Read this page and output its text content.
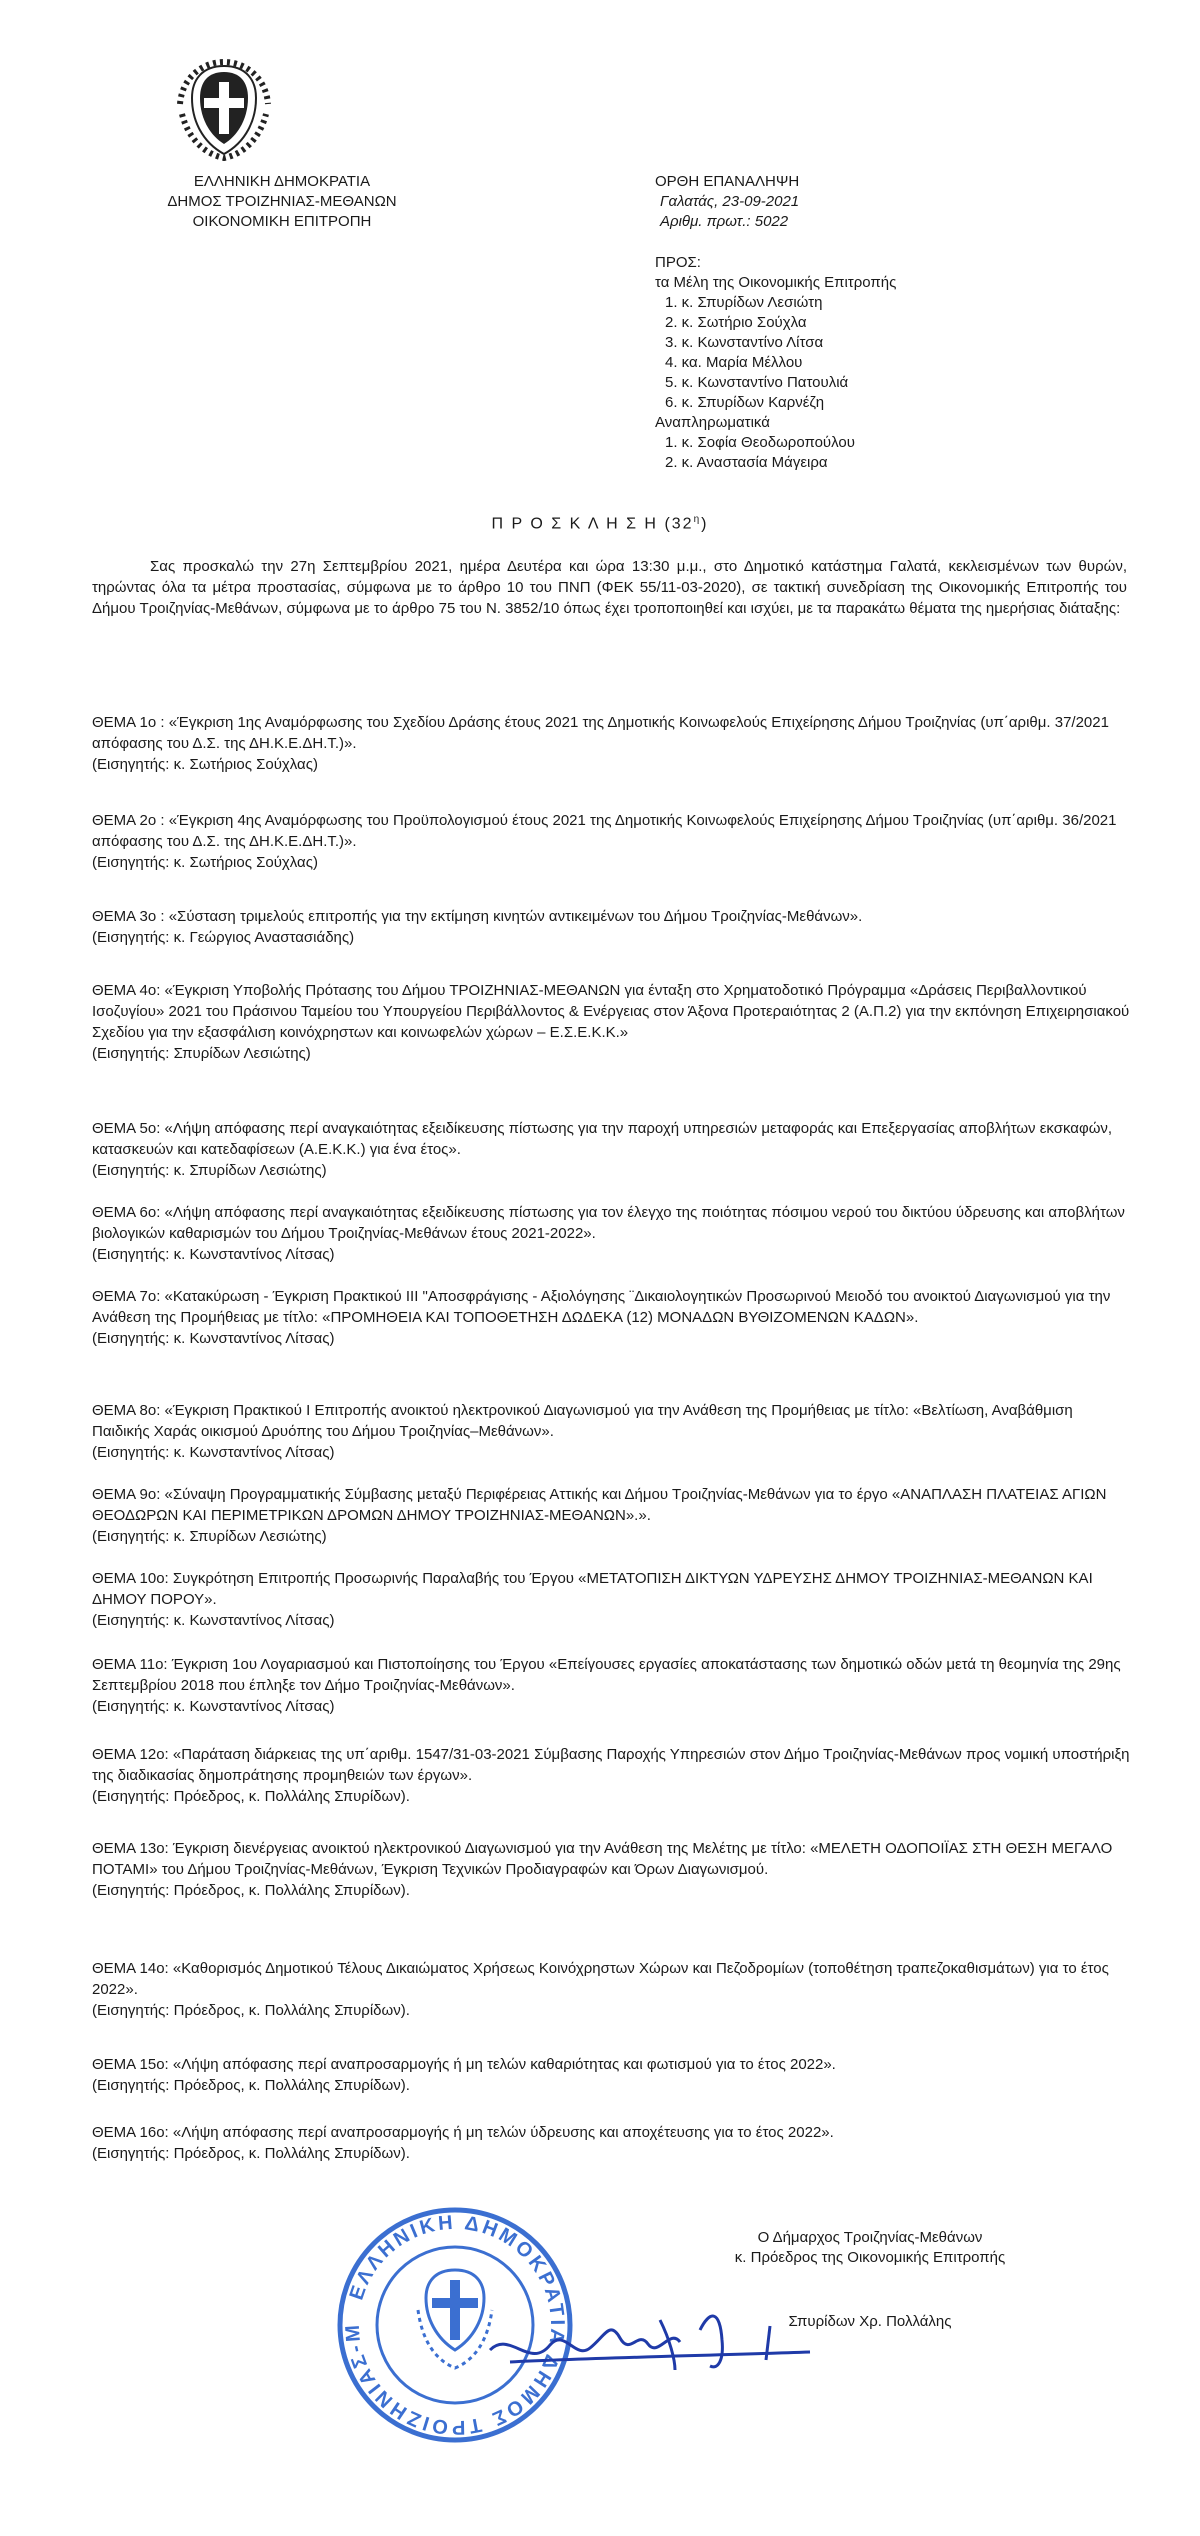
ΕΛΛΗΝΙΚΗ ΔΗΜΟΚΡΑΤΙΑ
ΔΗΜΟΣ ΤΡΟΙΖΗΝΙΑΣ-ΜΕΘΑΝΩΝ
ΟΙΚΟΝΟΜΙΚΗ ΕΠΙΤΡΟΠΗ
ΟΡΘΗ ΕΠΑΝΑΛΗΨΗ
Γαλατάς, 23-09-2021
Αριθμ. πρωτ.: 5022
ΠΡΟΣ:
τα Μέλη της Οικονομικής Επιτροπής
1. κ. Σπυρίδων Λεσιώτη
2. κ. Σωτήριο Σούχλα
3. κ. Κωνσταντίνο Λίτσα
4. κα. Μαρία Μέλλου
5. κ. Κωνσταντίνο Πατουλιά
6. κ. Σπυρίδων Καρνέζη
Αναπληρωματικά
1. κ. Σοφία Θεοδωροπούλου
2. κ. Αναστασία Μάγειρα
Π Ρ Ο Σ Κ Λ Η Σ Η $(32^\eta)$

Σας προσκαλώ την 27η Σεπτεμβρίου 2021, ημέρα Δευτέρα και ώρα 13:30 μ.μ., στο Δημοτικό κατάστημα Γαλατά, κεκλεισμένων των θυρών, τηρώντας όλα τα μέτρα προστασίας, σύμφωνα με το άρθρο 10 του ΠΝΠ (ΦΕΚ 55/11-03-2020), σε τακτική συνεδρίαση της Οικονομικής Επιτροπής του Δήμου Τροιζηνίας-Μεθάνων, σύμφωνα με το άρθρο 75 του Ν. 3852/10 όπως έχει τροποποιηθεί και ισχύει, με τα παρακάτω θέματα της ημερήσιας διάταξης:

ΘΕΜΑ 1ο : «Έγκριση 1ης Αναμόρφωσης του Σχεδίου Δράσης έτους 2021 της Δημοτικής Κοινωφελούς Επιχείρησης Δήμου Τροιζηνίας (υπ΄αριθμ. 37/2021 απόφασης του Δ.Σ. της ΔΗ.Κ.Ε.ΔΗ.Τ.)».
(Εισηγητής: κ. Σωτήριος Σούχλας)
ΘΕΜΑ 2ο : «Έγκριση 4ης Αναμόρφωσης του Προϋπολογισμού έτους 2021 της Δημοτικής Κοινωφελούς Επιχείρησης Δήμου Τροιζηνίας (υπ΄αριθμ. 36/2021 απόφασης του Δ.Σ. της ΔΗ.Κ.Ε.ΔΗ.Τ.)».
(Εισηγητής: κ. Σωτήριος Σούχλας)
ΘΕΜΑ 3ο : «Σύσταση τριμελούς επιτροπής για την εκτίμηση κινητών αντικειμένων του Δήμου Τροιζηνίας-Μεθάνων».
(Εισηγητής: κ. Γεώργιος Αναστασιάδης)
ΘΕΜΑ 4ο: «Έγκριση Υποβολής Πρότασης του Δήμου ΤΡΟΙΖΗΝΙΑΣ-ΜΕΘΑΝΩΝ για ένταξη στο Χρηματοδοτικό Πρόγραμμα «Δράσεις Περιβαλλοντικού Ισοζυγίου» 2021 του Πράσινου Ταμείου του Υπουργείου Περιβάλλοντος & Ενέργειας στον Άξονα Προτεραιότητας 2 (Α.Π.2) για την εκπόνηση Επιχειρησιακού Σχεδίου για την εξασφάλιση κοινόχρηστων και κοινωφελών χώρων – Ε.Σ.Ε.Κ.Κ.»
(Εισηγητής: Σπυρίδων Λεσιώτης)
ΘΕΜΑ 5ο: «Λήψη απόφασης περί αναγκαιότητας εξειδίκευσης πίστωσης για την παροχή υπηρεσιών μεταφοράς και Επεξεργασίας αποβλήτων εκσκαφών, κατασκευών και κατεδαφίσεων (Α.Ε.Κ.Κ.) για ένα έτος».
(Εισηγητής: κ. Σπυρίδων Λεσιώτης)
ΘΕΜΑ 6ο: «Λήψη απόφασης περί αναγκαιότητας εξειδίκευσης πίστωσης για τον έλεγχο της ποιότητας πόσιμου νερού του δικτύου ύδρευσης και αποβλήτων βιολογικών καθαρισμών του Δήμου Τροιζηνίας-Μεθάνων έτους 2021-2022».
(Εισηγητής: κ. Κωνσταντίνος Λίτσας)
ΘΕΜΑ 7ο: «Κατακύρωση - Έγκριση Πρακτικού ΙΙΙ "Αποσφράγισης - Αξιολόγησης ¨Δικαιολογητικών Προσωρινού Μειοδό του ανοικτού Διαγωνισμού για την Ανάθεση της Προμήθειας με τίτλο: «ΠΡΟΜΗΘΕΙΑ ΚΑΙ ΤΟΠΟΘΕΤΗΣΗ ΔΩΔΕΚΑ (12) ΜΟΝΑΔΩΝ ΒΥΘΙΖΟΜΕΝΩΝ ΚΑΔΩΝ».
(Εισηγητής: κ. Κωνσταντίνος Λίτσας)
ΘΕΜΑ 8ο: «Έγκριση Πρακτικού Ι Επιτροπής ανοικτού ηλεκτρονικού Διαγωνισμού για την Ανάθεση της Προμήθειας με τίτλο: «Βελτίωση, Αναβάθμιση Παιδικής Χαράς οικισμού Δρυόπης του Δήμου Τροιζηνίας–Μεθάνων».
(Εισηγητής: κ. Κωνσταντίνος Λίτσας)
ΘΕΜΑ 9ο: «Σύναψη Προγραμματικής Σύμβασης μεταξύ Περιφέρειας Αττικής και Δήμου Τροιζηνίας-Μεθάνων για το έργο «ΑΝΑΠΛΑΣΗ ΠΛΑΤΕΙΑΣ ΑΓΙΩΝ ΘΕΟΔΩΡΩΝ ΚΑΙ ΠΕΡΙΜΕΤΡΙΚΩΝ ΔΡΟΜΩΝ ΔΗΜΟΥ ΤΡΟΙΖΗΝΙΑΣ-ΜΕΘΑΝΩΝ».».
(Εισηγητής: κ. Σπυρίδων Λεσιώτης)
ΘΕΜΑ 10ο: Συγκρότηση Επιτροπής Προσωρινής Παραλαβής του Έργου «ΜΕΤΑΤΟΠΙΣΗ ΔΙΚΤΥΩΝ ΥΔΡΕΥΣΗΣ ΔΗΜΟΥ ΤΡΟΙΖΗΝΙΑΣ-ΜΕΘΑΝΩΝ ΚΑΙ ΔΗΜΟΥ ΠΟΡΟΥ».
(Εισηγητής: κ. Κωνσταντίνος Λίτσας)
ΘΕΜΑ 11ο: Έγκριση 1ου Λογαριασμού και Πιστοποίησης του Έργου «Επείγουσες εργασίες αποκατάστασης των δημοτικώ οδών μετά τη θεομηνία της 29ης Σεπτεμβρίου 2018 που έπληξε τον Δήμο Τροιζηνίας-Μεθάνων».
(Εισηγητής: κ. Κωνσταντίνος Λίτσας)
ΘΕΜΑ 12ο: «Παράταση διάρκειας της υπ΄αριθμ. 1547/31-03-2021 Σύμβασης Παροχής Υπηρεσιών στον Δήμο Τροιζηνίας-Μεθάνων προς νομική υποστήριξη της διαδικασίας δημοπράτησης προμηθειών των έργων».
(Εισηγητής: Πρόεδρος, κ. Πολλάλης Σπυρίδων).
ΘΕΜΑ 13ο: Έγκριση διενέργειας ανοικτού ηλεκτρονικού Διαγωνισμού για την Ανάθεση της Μελέτης με τίτλο: «ΜΕΛΕΤΗ ΟΔΟΠΟΙΪΑΣ ΣΤΗ ΘΕΣΗ ΜΕΓΑΛΟ ΠΟΤΑΜΙ» του Δήμου Τροιζηνίας-Μεθάνων, Έγκριση Τεχνικών Προδιαγραφών και Όρων Διαγωνισμού.
(Εισηγητής: Πρόεδρος, κ. Πολλάλης Σπυρίδων).
ΘΕΜΑ 14ο: «Καθορισμός Δημοτικού Τέλους Δικαιώματος Χρήσεως Κοινόχρηστων Χώρων και Πεζοδρομίων (τοποθέτηση τραπεζοκαθισμάτων) για το έτος 2022».
(Εισηγητής: Πρόεδρος, κ. Πολλάλης Σπυρίδων).
ΘΕΜΑ 15ο: «Λήψη απόφασης περί αναπροσαρμογής ή μη τελών καθαριότητας και φωτισμού για το έτος 2022».
(Εισηγητής: Πρόεδρος, κ. Πολλάλης Σπυρίδων).
ΘΕΜΑ 16ο: «Λήψη απόφασης περί αναπροσαρμογής ή μη τελών ύδρευσης και αποχέτευσης για το έτος 2022».
(Εισηγητής: Πρόεδρος, κ. Πολλάλης Σπυρίδων).
ΕΛΛΗΝΙΚΗ ΔΗΜΟΚΡΑΤΙΑ ΔΗΜΟΣ ΤΡΟΙΖΗΝΙΑΣ-Μ
Ο Δήμαρχος Τροιζηνίας-Μεθάνων
κ. Πρόεδρος της Οικονομικής Επιτροπής
Σπυρίδων Χρ. Πολλάλης
